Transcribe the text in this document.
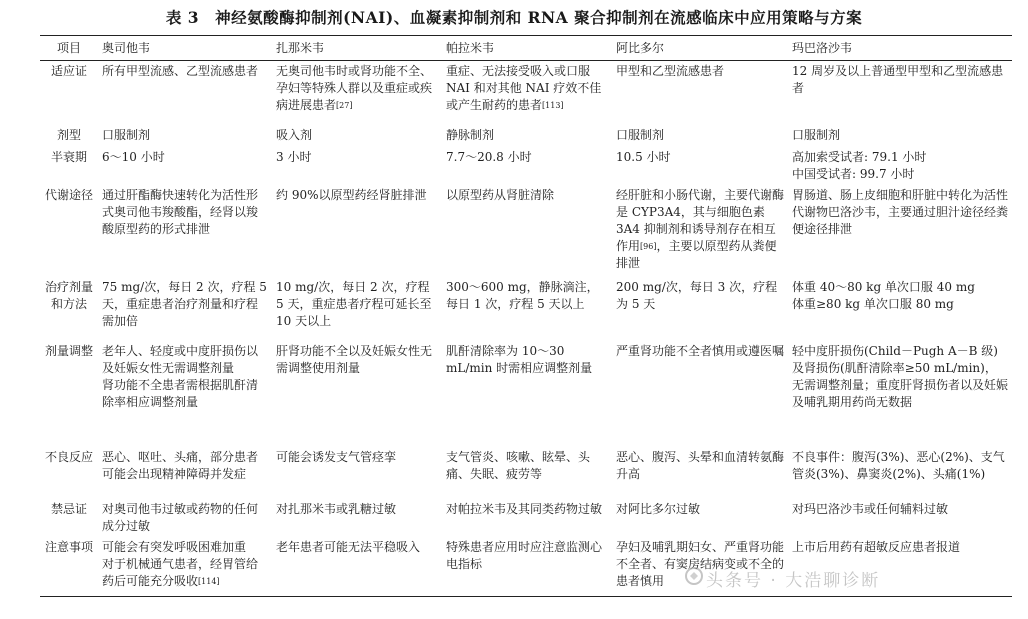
表 3　神经氨酸酶抑制剂(NAI)、血凝素抑制剂和 RNA 聚合抑制剂在流感临床中应用策略与方案
项目	奥司他韦	扎那米韦	帕拉米韦	阿比多尔	玛巴洛沙韦
适应证	所有甲型流感、乙型流感患者	无奥司他韦时或肾功能不全、孕妇等特殊人群以及重症或疾病进展患者[27]	重症、无法接受吸入或口服 NAI 和对其他 NAI 疗效不佳或产生耐药的患者[113]	甲型和乙型流感患者	12 周岁及以上普通型甲型和乙型流感患者
剂型	口服制剂	吸入剂	静脉制剂	口服制剂	口服制剂
半衰期	6～10 小时	3 小时	7.7～20.8 小时	10.5 小时	高加索受试者: 79.1 小时
中国受试者: 99.7 小时
代谢途径	通过肝酯酶快速转化为活性形式奥司他韦羧酸酯，经肾以羧酸原型药的形式排泄	约 90%以原型药经肾脏排泄	以原型药从肾脏清除	经肝脏和小肠代谢，主要代谢酶是 CYP3A4，其与细胞色素 3A4 抑制剂和诱导剂存在相互作用[96]，主要以原型药从粪便排泄	胃肠道、肠上皮细胞和肝脏中转化为活性代谢物巴洛沙韦，主要通过胆汁途径经粪便途径排泄
治疗剂量
和方法	75 mg/次，每日 2 次，疗程 5 天，重症患者治疗剂量和疗程需加倍	10 mg/次，每日 2 次，疗程 5 天，重症患者疗程可延长至 10 天以上	300～600 mg，静脉滴注，每日 1 次，疗程 5 天以上	200 mg/次，每日 3 次，疗程为 5 天	体重 40～80 kg 单次口服 40 mg
体重≥80 kg 单次口服 80 mg
剂量调整	老年人、轻度或中度肝损伤以及妊娠女性无需调整剂量
肾功能不全患者需根据肌酐清除率相应调整剂量	肝肾功能不全以及妊娠女性无需调整使用剂量	肌酐清除率为 10～30 mL/min 时需相应调整剂量	严重肾功能不全者慎用或遵医嘱	轻中度肝损伤(Child－Pugh A－B 级)及肾损伤(肌酐清除率≥50 mL/min)，无需调整剂量；重度肝肾损伤者以及妊娠及哺乳期用药尚无数据
不良反应	恶心、呕吐、头痛，部分患者可能会出现精神障碍并发症	可能会诱发支气管痉挛	支气管炎、咳嗽、眩晕、头痛、失眠、疲劳等	恶心、腹泻、头晕和血清转氨酶升高	不良事件：腹泻(3%)、恶心(2%)、支气管炎(3%)、鼻窦炎(2%)、头痛(1%)
禁忌证	对奥司他韦过敏或药物的任何成分过敏	对扎那米韦或乳糖过敏	对帕拉米韦及其同类药物过敏	对阿比多尔过敏	对玛巴洛沙韦或任何辅料过敏
注意事项	可能会有突发呼吸困难加重
对于机械通气患者，经胃管给药后可能充分吸收[114]	老年患者可能无法平稳吸入	特殊患者应用时应注意监测心电指标	孕妇及哺乳期妇女、严重肾功能不全者、有窦房结病变或不全的患者慎用	上市后用药有超敏反应患者报道
头条号 · 大浩聊诊断
